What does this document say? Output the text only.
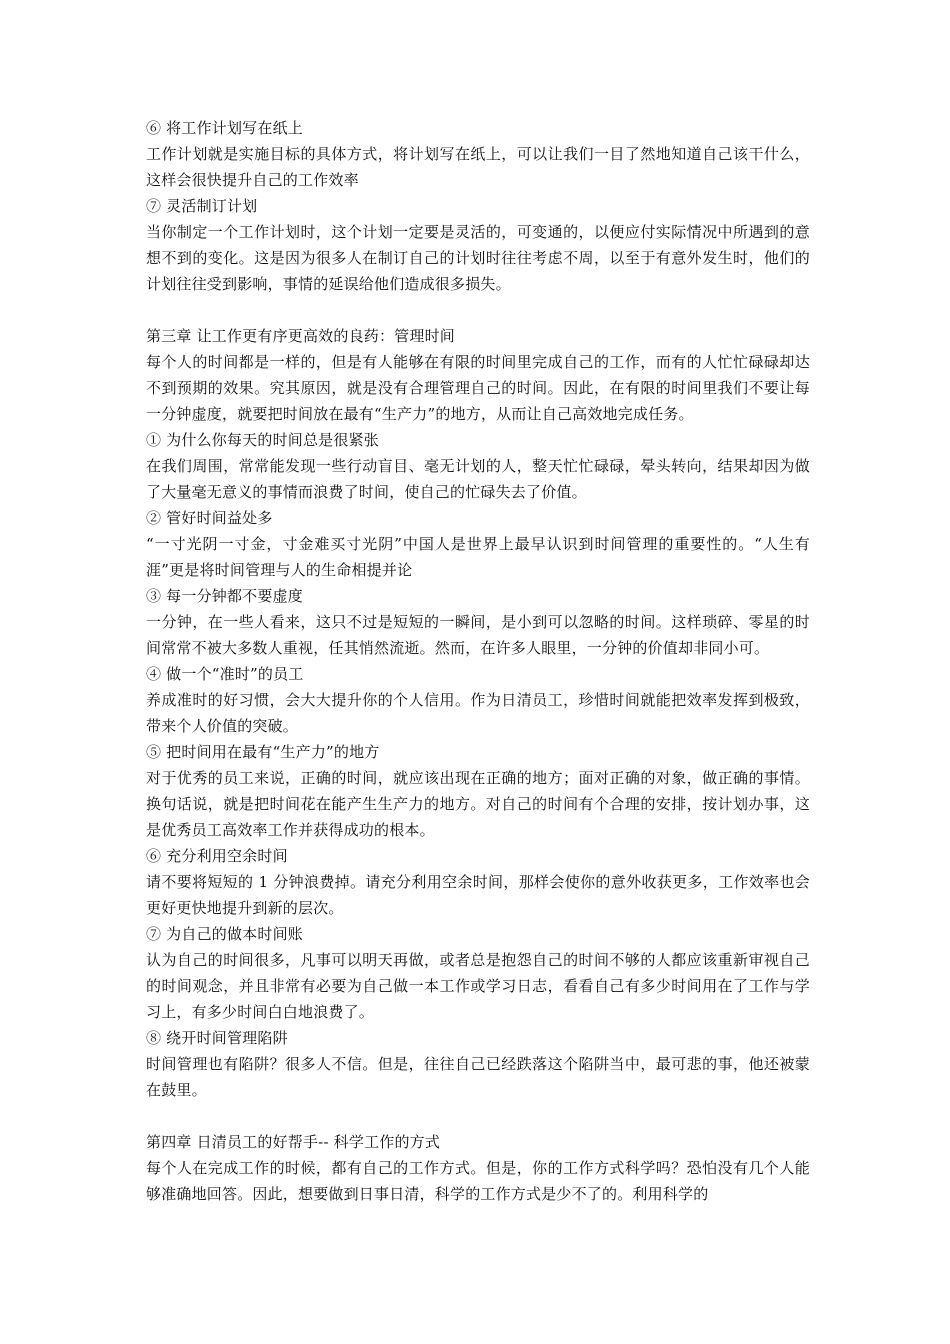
⑥ 将工作计划写在纸上
工作计划就是实施目标的具体方式，将计划写在纸上，可以让我们一目了然地知道自己该干什么，这样会很快提升自己的工作效率
⑦ 灵活制订计划
当你制定一个工作计划时，这个计划一定要是灵活的，可变通的，以便应付实际情况中所遇到的意想不到的变化。这是因为很多人在制订自己的计划时往往考虑不周，以至于有意外发生时，他们的计划往往受到影响，事情的延误给他们造成很多损失。
第三章 让工作更有序更高效的良药：管理时间
每个人的时间都是一样的，但是有人能够在有限的时间里完成自己的工作，而有的人忙忙碌碌却达不到预期的效果。究其原因，就是没有合理管理自己的时间。因此，在有限的时间里我们不要让每一分钟虚度，就要把时间放在最有“生产力”的地方，从而让自己高效地完成任务。
① 为什么你每天的时间总是很紧张
在我们周围，常常能发现一些行动盲目、毫无计划的人，整天忙忙碌碌，晕头转向，结果却因为做了大量毫无意义的事情而浪费了时间，使自己的忙碌失去了价值。
② 管好时间益处多
“一寸光阴一寸金，寸金难买寸光阴”中国人是世界上最早认识到时间管理的重要性的。“人生有涯”更是将时间管理与人的生命相提并论
③ 每一分钟都不要虚度
一分钟，在一些人看来，这只不过是短短的一瞬间，是小到可以忽略的时间。这样琐碎、零星的时间常常不被大多数人重视，任其悄然流逝。然而，在许多人眼里，一分钟的价值却非同小可。
④ 做一个“准时”的员工
养成准时的好习惯，会大大提升你的个人信用。作为日清员工，珍惜时间就能把效率发挥到极致，带来个人价值的突破。
⑤ 把时间用在最有“生产力”的地方
对于优秀的员工来说，正确的时间，就应该出现在正确的地方；面对正确的对象，做正确的事情。换句话说，就是把时间花在能产生生产力的地方。对自己的时间有个合理的安排，按计划办事，这是优秀员工高效率工作并获得成功的根本。
⑥ 充分利用空余时间
请不要将短短的 1 分钟浪费掉。请充分利用空余时间，那样会使你的意外收获更多，工作效率也会更好更快地提升到新的层次。
⑦ 为自己的做本时间账
认为自己的时间很多，凡事可以明天再做，或者总是抱怨自己的时间不够的人都应该重新审视自己的时间观念，并且非常有必要为自己做一本工作或学习日志，看看自己有多少时间用在了工作与学习上，有多少时间白白地浪费了。
⑧ 绕开时间管理陷阱
时间管理也有陷阱？很多人不信。但是，往往自己已经跌落这个陷阱当中，最可悲的事，他还被蒙在鼓里。
第四章 日清员工的好帮手-- 科学工作的方式
每个人在完成工作的时候，都有自己的工作方式。但是，你的工作方式科学吗？恐怕没有几个人能够准确地回答。因此，想要做到日事日清，科学的工作方式是少不了的。利用科学的
